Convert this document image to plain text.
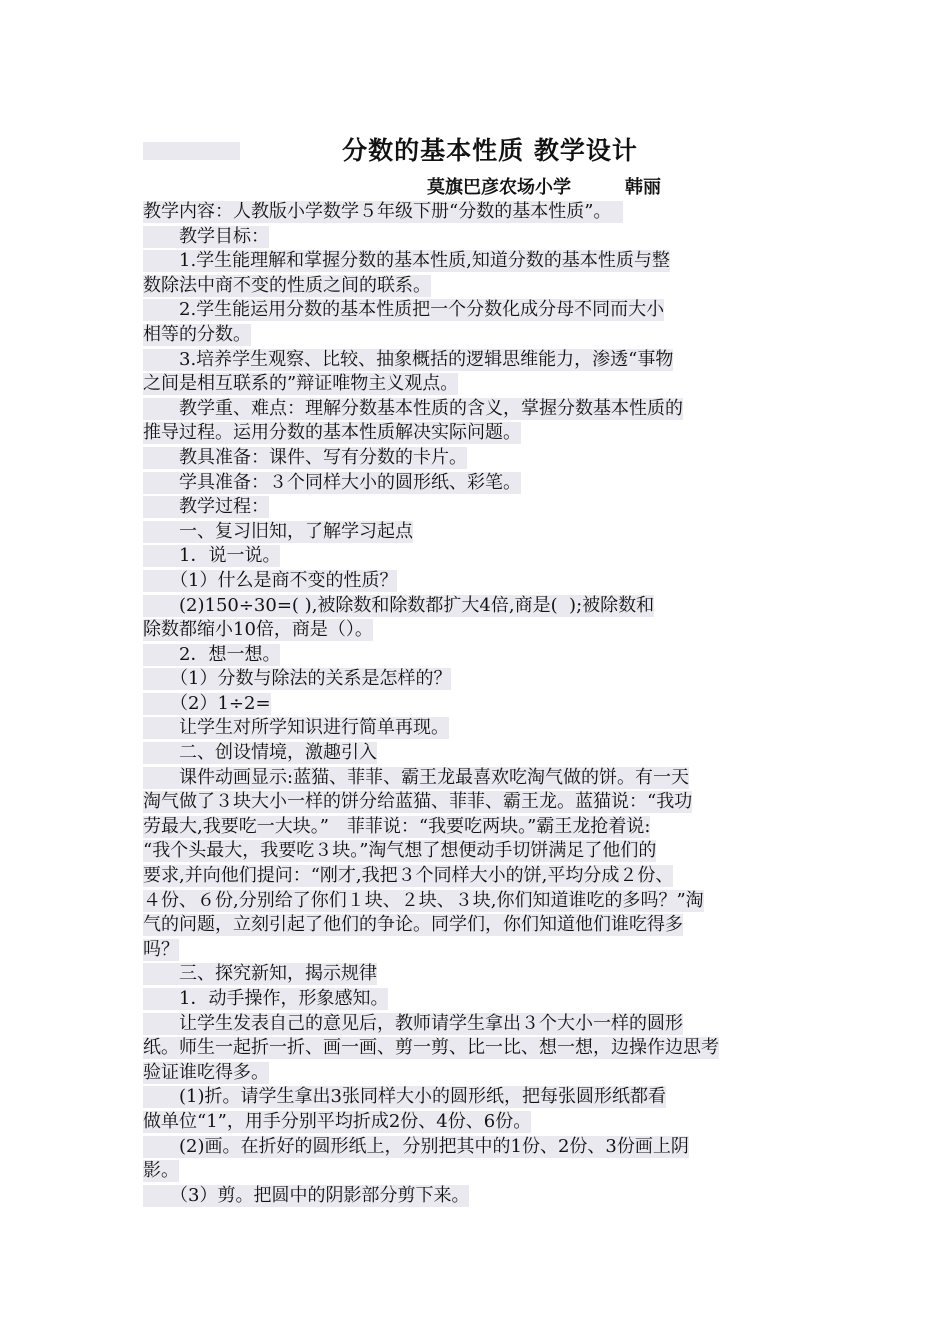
分数的基本性质 教学设计
莫旗巴彦农场小学　　　韩丽
教学内容：人教版小学数学５年级下册“分数的基本性质”。
　　教学目标：
　　1.学生能理解和掌握分数的基本性质,知道分数的基本性质与整
数除法中商不变的性质之间的联系。
　　2.学生能运用分数的基本性质把一个分数化成分母不同而大小
相等的分数。
　　3.培养学生观察、比较、抽象概括的逻辑思维能力，渗透“事物
之间是相互联系的”辩证唯物主义观点。
　　教学重、难点：理解分数基本性质的含义，掌握分数基本性质的
推导过程。运用分数的基本性质解决实际问题。
　　教具准备：课件、写有分数的卡片。
　　学具准备：３个同样大小的圆形纸、彩笔。
　　教学过程：
　　一、复习旧知，了解学习起点
　　1．说一说。
　　（1）什么是商不变的性质？
　　(2)150÷30=( ),被除数和除数都扩大4倍,商是(  );被除数和
除数都缩小10倍，商是（）。
　　2．想一想。
　　（1）分数与除法的关系是怎样的？
　　（2）1÷2=
　　让学生对所学知识进行简单再现。
　　二、创设情境，激趣引入
　　课件动画显示:蓝猫、菲菲、霸王龙最喜欢吃淘气做的饼。有一天
淘气做了３块大小一样的饼分给蓝猫、菲菲、霸王龙。蓝猫说：“我功
劳最大,我要吃一大块。”　菲菲说：“我要吃两块。”霸王龙抢着说:
“我个头最大，我要吃３块。”淘气想了想便动手切饼满足了他们的
要求,并向他们提问：“刚才,我把３个同样大小的饼,平均分成２份、
４份、６份,分别给了你们１块、２块、３块,你们知道谁吃的多吗？”淘
气的问题，立刻引起了他们的争论。同学们，你们知道他们谁吃得多
吗？
　　三、探究新知，揭示规律
　　1．动手操作，形象感知。
　　让学生发表自己的意见后，教师请学生拿出３个大小一样的圆形
纸。师生一起折一折、画一画、剪一剪、比一比、想一想，边操作边思考
验证谁吃得多。
　　(1)折。请学生拿出3张同样大小的圆形纸，把每张圆形纸都看
做单位“1”，用手分别平均折成2份、4份、6份。
　　(2)画。在折好的圆形纸上，分别把其中的1份、2份、3份画上阴
影。
　　（3）剪。把圆中的阴影部分剪下来。
